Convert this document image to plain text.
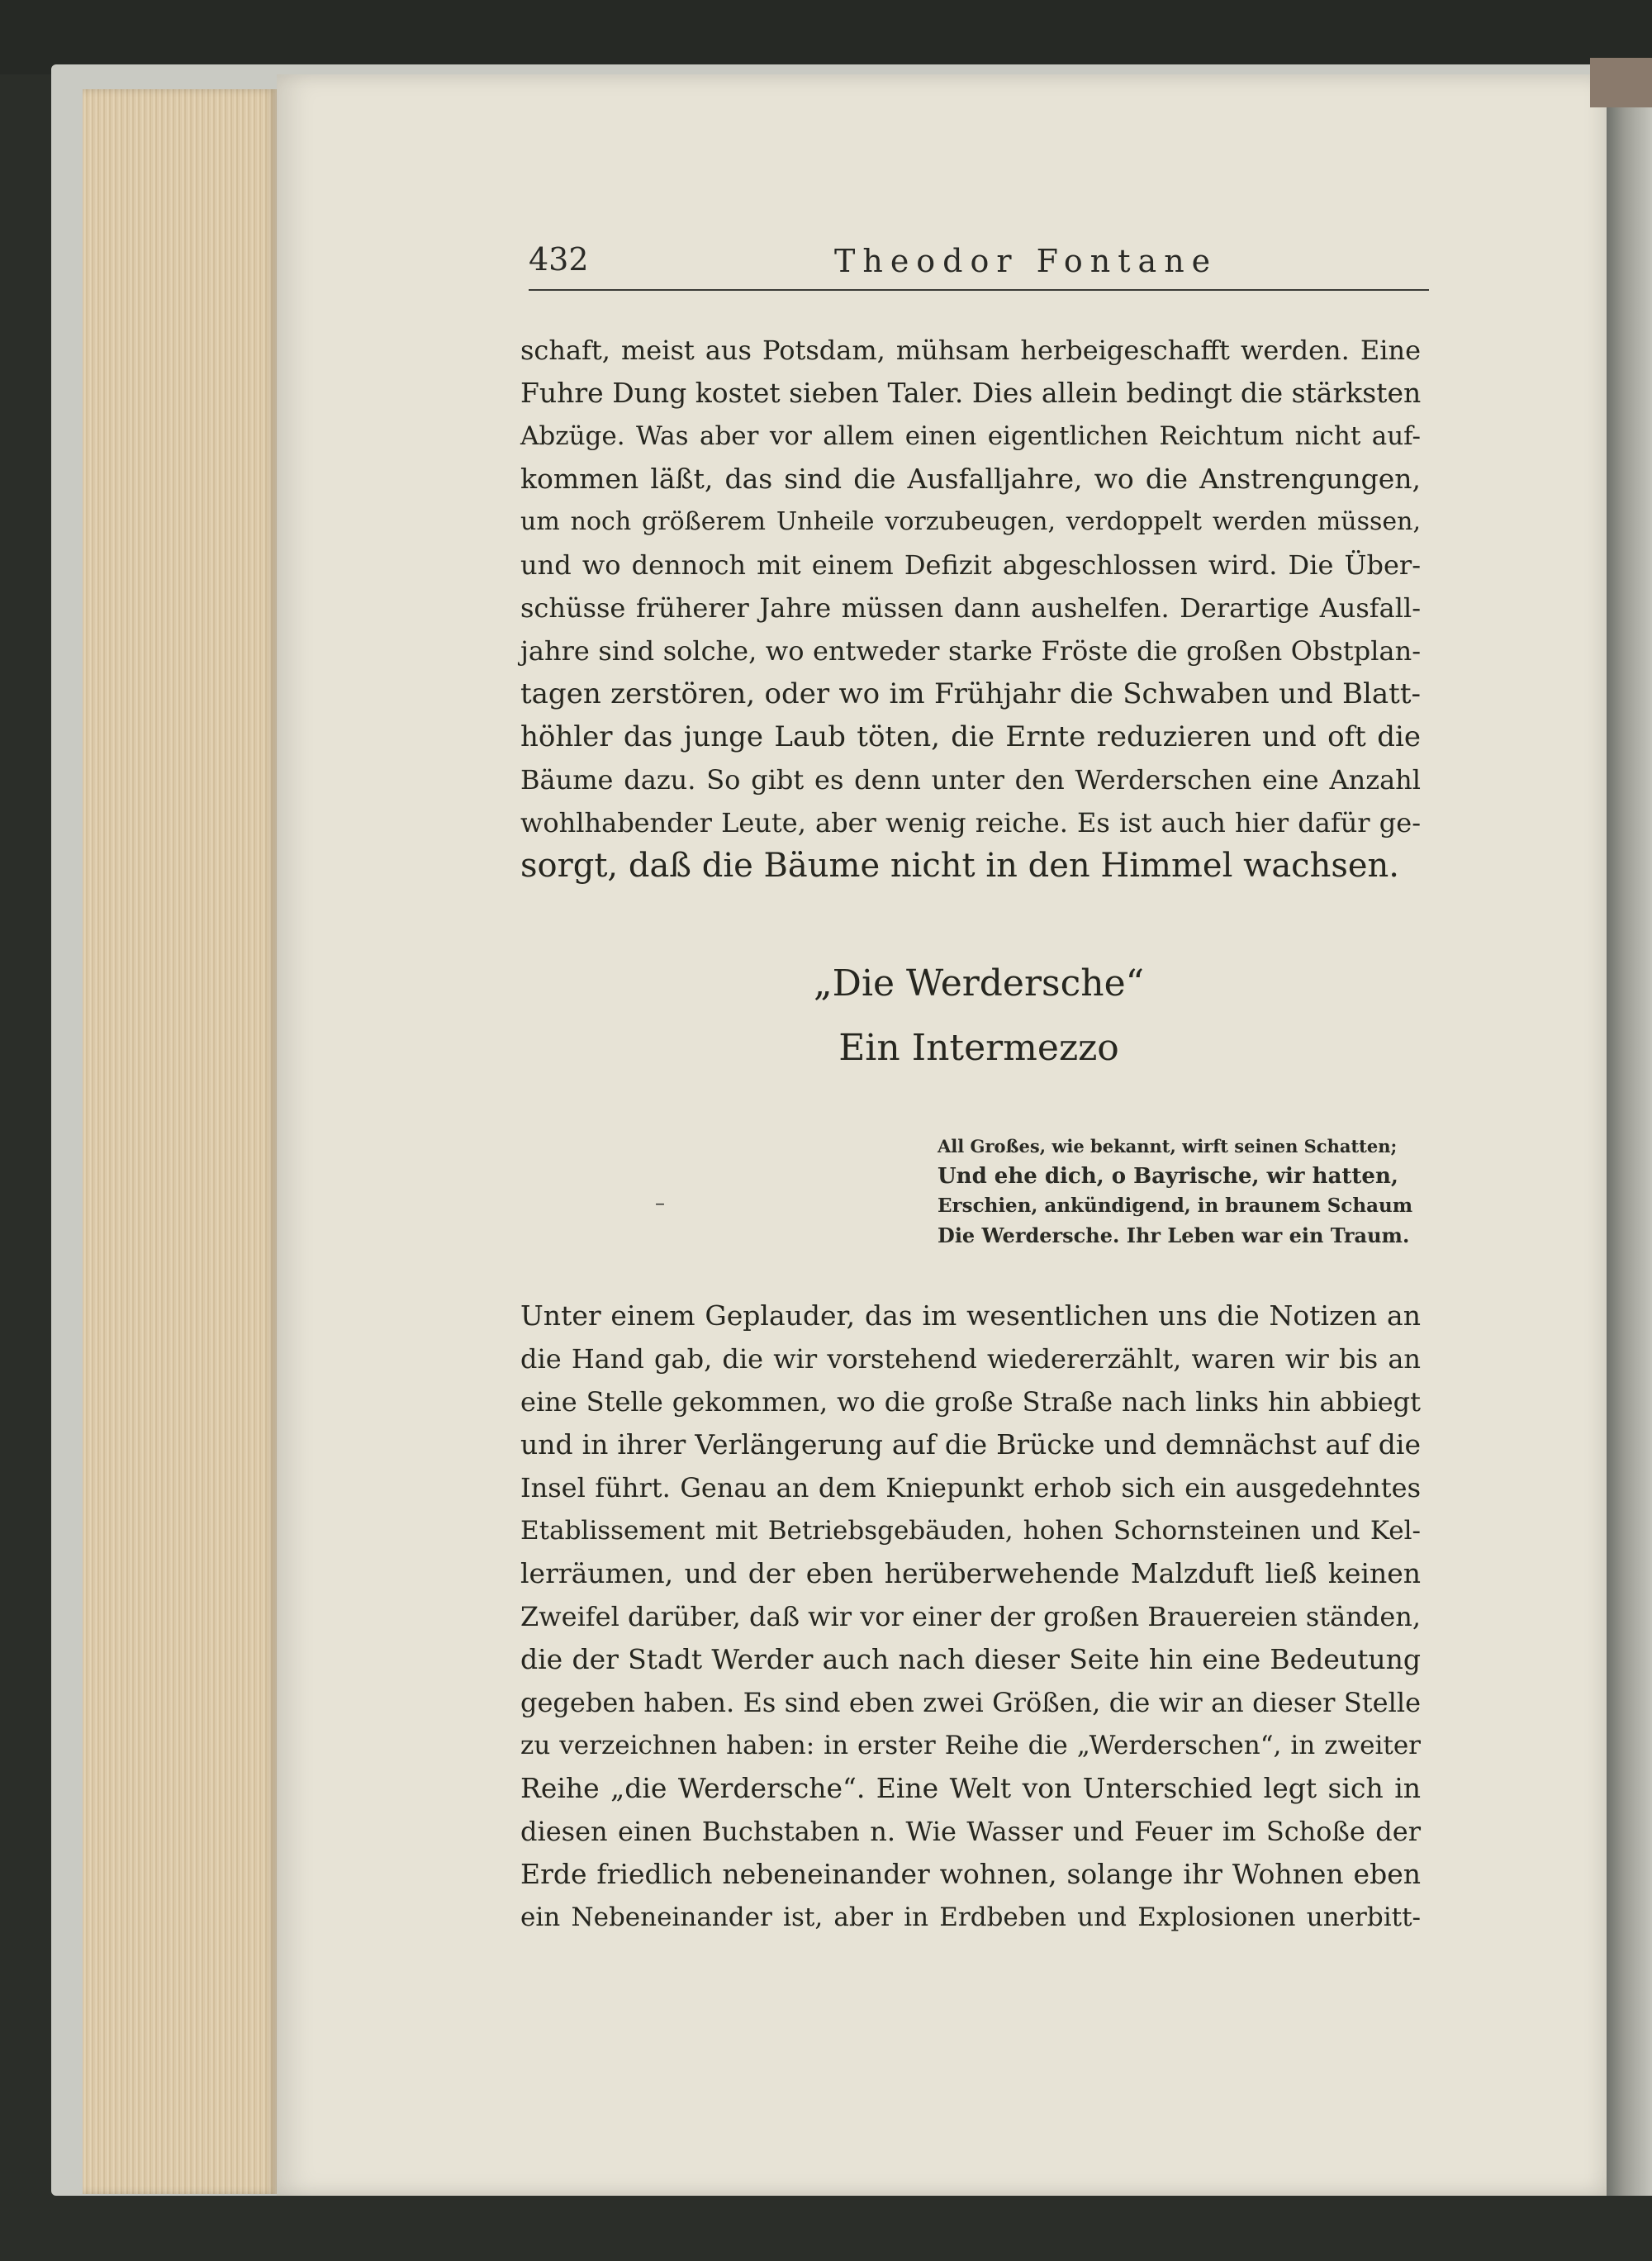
432	Theodor Fontane
schaft, meist aus Potsdam, mühsam herbeigeschafft werden. Eine
Fuhre Dung kostet sieben Taler. Dies allein bedingt die stärksten
Abzüge. Was aber vor allem einen eigentlichen Reichtum nicht auf-
kommen läßt, das sind die Ausfalljahre, wo die Anstrengungen,
um noch größerem Unheile vorzubeugen, verdoppelt werden müssen,
und wo dennoch mit einem Defizit abgeschlossen wird. Die Über-
schüsse früherer Jahre müssen dann aushelfen. Derartige Ausfall-
jahre sind solche, wo entweder starke Fröste die großen Obstplan-
tagen zerstören, oder wo im Frühjahr die Schwaben und Blatt-
höhler das junge Laub töten, die Ernte reduzieren und oft die
Bäume dazu. So gibt es denn unter den Werderschen eine Anzahl
wohlhabender Leute, aber wenig reiche. Es ist auch hier dafür ge-
sorgt, daß die Bäume nicht in den Himmel wachsen.
„Die Werdersche“
Ein Intermezzo
All Großes, wie bekannt, wirft seinen Schatten;
Und ehe dich, o Bayrische, wir hatten,
Erschien, ankündigend, in braunem Schaum
Die Werdersche. Ihr Leben war ein Traum.
–
Unter einem Geplauder, das im wesentlichen uns die Notizen an
die Hand gab, die wir vorstehend wiedererzählt, waren wir bis an
eine Stelle gekommen, wo die große Straße nach links hin abbiegt
und in ihrer Verlängerung auf die Brücke und demnächst auf die
Insel führt. Genau an dem Kniepunkt erhob sich ein ausgedehntes
Etablissement mit Betriebsgebäuden, hohen Schornsteinen und Kel-
lerräumen, und der eben herüberwehende Malzduft ließ keinen
Zweifel darüber, daß wir vor einer der großen Brauereien ständen,
die der Stadt Werder auch nach dieser Seite hin eine Bedeutung
gegeben haben. Es sind eben zwei Größen, die wir an dieser Stelle
zu verzeichnen haben: in erster Reihe die „Werderschen“, in zweiter
Reihe „die Werdersche“. Eine Welt von Unterschied legt sich in
diesen einen Buchstaben n. Wie Wasser und Feuer im Schoße der
Erde friedlich nebeneinander wohnen, solange ihr Wohnen eben
ein Nebeneinander ist, aber in Erdbeben und Explosionen unerbitt-
